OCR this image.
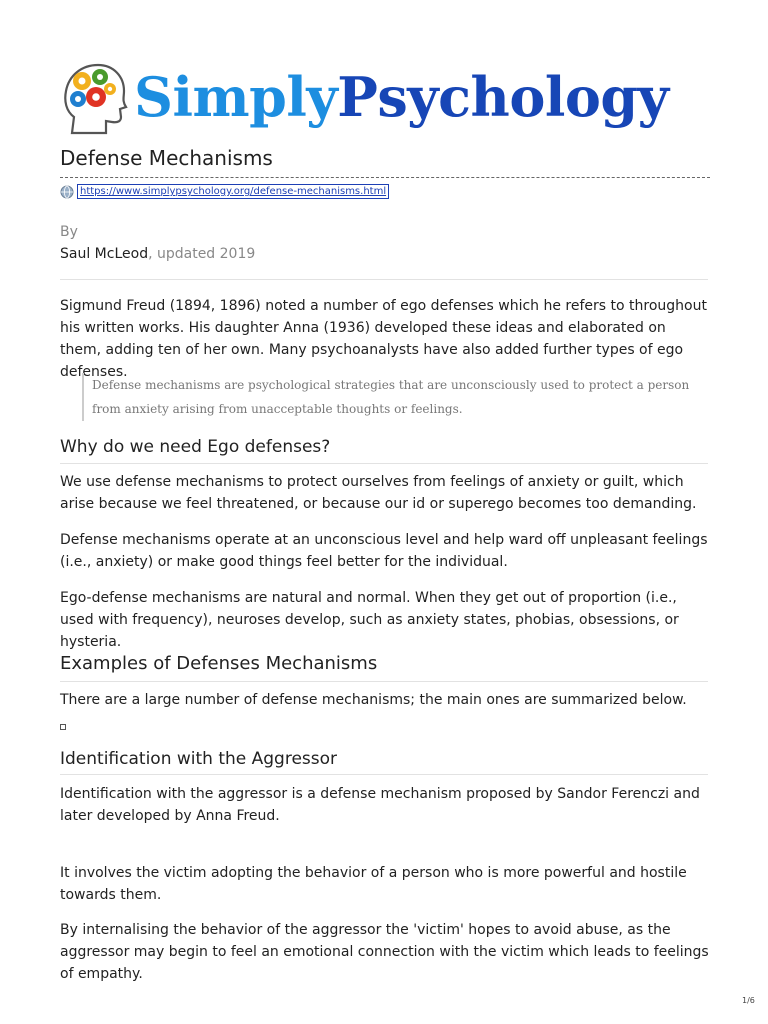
SimplyPsychology
Defense Mechanisms
https://www.simplypsychology.org/defense-mechanisms.html
By
Saul McLeod, updated 2019

Sigmund Freud (1894, 1896) noted a number of ego defenses which he refers to throughout his written works. His daughter Anna (1936) developed these ideas and elaborated on them, adding ten of her own. Many psychoanalysts have also added further types of ego defenses.

Defense mechanisms are psychological strategies that are unconsciously used to protect a person from anxiety arising from unacceptable thoughts or feelings.
Why do we need Ego defenses?

We use defense mechanisms to protect ourselves from feelings of anxiety or guilt, which arise because we feel threatened, or because our id or superego becomes too demanding.

Defense mechanisms operate at an unconscious level and help ward off unpleasant feelings (i.e., anxiety) or make good things feel better for the individual.

Ego-defense mechanisms are natural and normal. When they get out of proportion (i.e., used with frequency), neuroses develop, such as anxiety states, phobias, obsessions, or hysteria.

Examples of Defenses Mechanisms

There are a large number of defense mechanisms; the main ones are summarized below.

Identification with the Aggressor

Identification with the aggressor is a defense mechanism proposed by Sandor Ferenczi and later developed by Anna Freud.

It involves the victim adopting the behavior of a person who is more powerful and hostile towards them.

By internalising the behavior of the aggressor the 'victim' hopes to avoid abuse, as the aggressor may begin to feel an emotional connection with the victim which leads to feelings of empathy.

1/6
